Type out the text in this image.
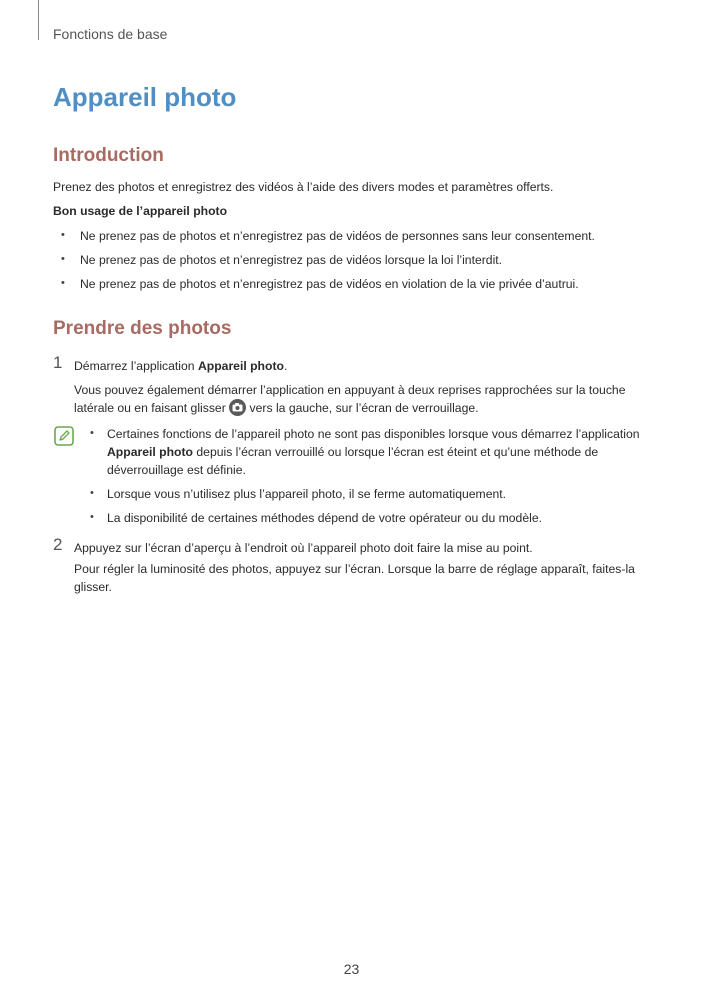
Fonctions de base
Appareil photo
Introduction

Prenez des photos et enregistrez des vidéos à l’aide des divers modes et paramètres offerts.

Bon usage de l’appareil photo

• Ne prenez pas de photos et n’enregistrez pas de vidéos de personnes sans leur consentement.
• Ne prenez pas de photos et n’enregistrez pas de vidéos lorsque la loi l’interdit.
• Ne prenez pas de photos et n’enregistrez pas de vidéos en violation de la vie privée d’autrui.
Prendre des photos
1 Démarrez l’application Appareil photo.
Vous pouvez également démarrer l’application en appuyant à deux reprises rapprochées sur la touche
latérale ou en faisant glisser
vers la gauche, sur l’écran de verrouillage.
• Certaines fonctions de l’appareil photo ne sont pas disponibles lorsque vous démarrez l’application Appareil photo depuis l’écran verrouillé ou lorsque l’écran est éteint et qu’une méthode de déverrouillage est définie.
• Lorsque vous n’utilisez plus l’appareil photo, il se ferme automatiquement.
• La disponibilité de certaines méthodes dépend de votre opérateur ou du modèle.
2 Appuyez sur l’écran d’aperçu à l’endroit où l’appareil photo doit faire la mise au point.
Pour régler la luminosité des photos, appuyez sur l’écran. Lorsque la barre de réglage apparaît, faites-la glisser.
23
